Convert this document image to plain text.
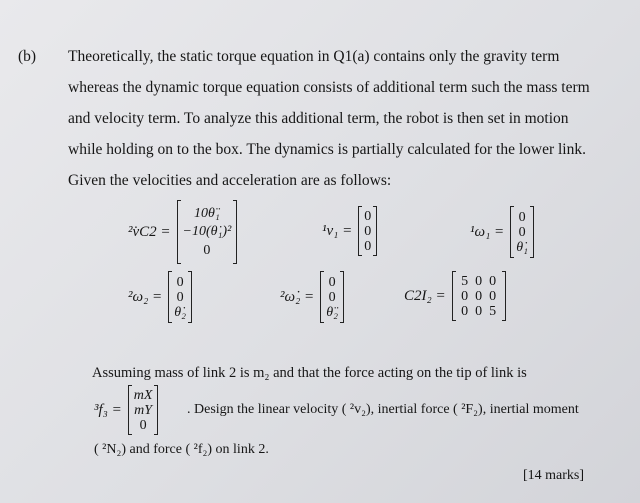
(b) Theoretically, the static torque equation in Q1(a) contains only the gravity term
whereas the dynamic torque equation consists of additional term such the mass term
and velocity term. To analyze this additional term, the robot is then set in motion
while holding on to the box. The dynamics is partially calculated for the lower link.
Given the velocities and acceleration are as follows:
²v̇C2 =
10θ̈₁
−10(θ̇₁)²
0
¹v₁ =
0
0
0
¹ω₁ =
0
0
θ̇₁
²ω₂ =
0
0
θ̇₂
²ω̇₂ =
0
0
θ̈₂
C2I₂ =
5 0 0
0 0 0
0 0 5
Assuming mass of link 2 is m₂ and that the force acting on the tip of link is
³f₃ =
mX
mY
0
. Design the linear velocity ( ²v₂), inertial force ( ²F₂), inertial moment
( ²N₂) and force ( ²f₂) on link 2.
[14 marks]
